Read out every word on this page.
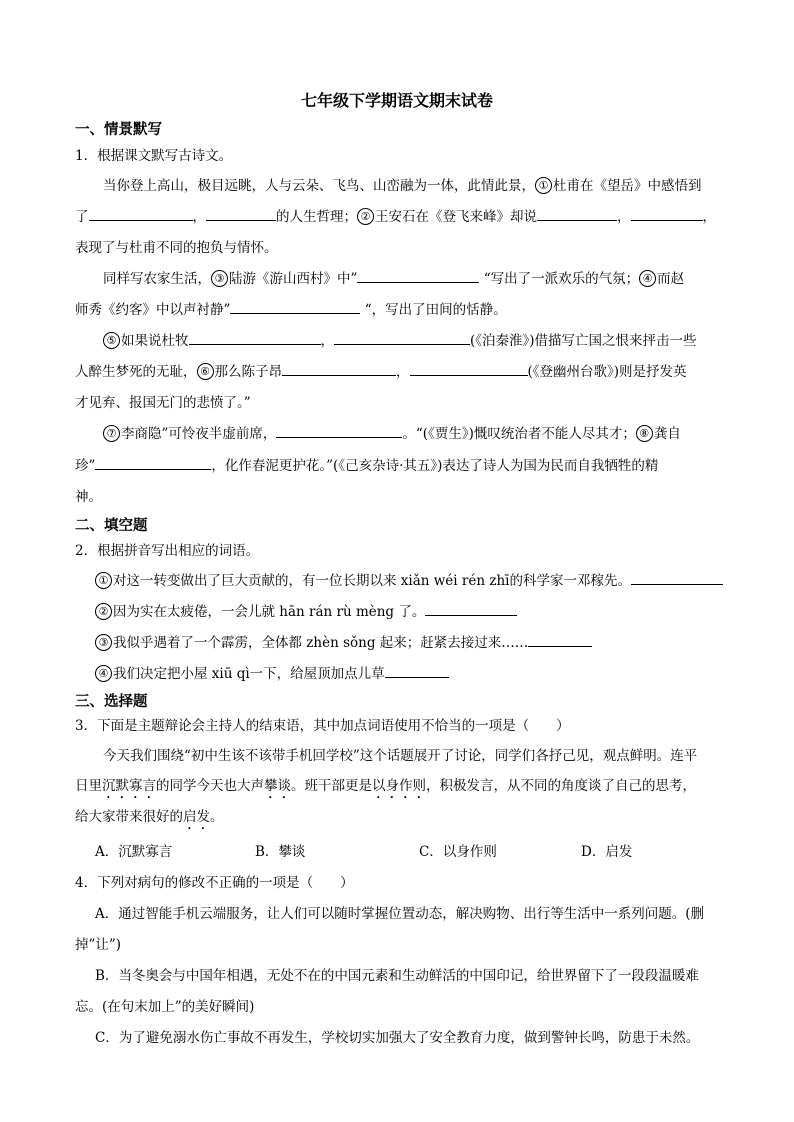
七年级下学期语文期末试卷
一、情景默写
1．根据课文默写古诗文。
当你登上高山，极目远眺，人与云朵、飞鸟、山峦融为一体，此情此景， ① 杜甫在《望岳》中感悟到
了	，	的人生哲理； ② 王安石在《登飞来峰》却说	，	，
表现了与杜甫不同的抱负与情怀。
同样写农家生活， ③ 陆游《游山西村》中”	“写出了一派欢乐的气氛； ④ 而赵
师秀《约客》中以声衬静”	“，写出了田间的恬静。
⑤ 如果说杜牧	，	(《泊秦淮》)借描写亡国之恨来抨击一些
人醉生梦死的无耻， ⑥ 那么陈子昂	，	(《登幽州台歌》)则是抒发英
才见弃、报国无门的悲愤了。”
⑦ 李商隐”可怜夜半虚前席，	。“(《贾生》)慨叹统治者不能人尽其才； ⑧ 龚自
珍”	，化作春泥更护花。”(《己亥杂诗·其五》)表达了诗人为国为民而自我牺牲的精
神。
二、填空题
2．根据拼音写出相应的词语。
① 对这一转变做出了巨大贡献的，有一位长期以来 xiǎn wéi rén zhī的科学家一邓稼先。
② 因为实在太疲倦，一会儿就 hān rán rù mèng 了。
③ 我似乎遇着了一个霹雳，全体都 zhèn sǒng 起来；赶紧去接过来……
④ 我们决定把小屋 xiū qì一下，给屋顶加点儿草
三、选择题
3．下面是主题辩论会主持人的结束语，其中加点词语使用不恰当的一项是（　　）
今天我们围绕“初中生该不该带手机回学校”这个话题展开了讨论，同学们各抒己见，观点鲜明。连平
日里沉默寡言的同学今天也大声攀谈。班干部更是以身作则，积极发言，从不同的角度谈了自己的思考，
给大家带来很好的启发。
A．沉默寡言	B．攀谈	C．以身作则	D．启发
4．下列对病句的修改不正确的一项是（　　）
A．通过智能手机云端服务，让人们可以随时掌握位置动态，解决购物、出行等生活中一系列问题。(删
掉”让”)
B．当冬奥会与中国年相遇，无处不在的中国元素和生动鲜活的中国印记，给世界留下了一段段温暖难
忘。(在句末加上”的美好瞬间)
C．为了避免溺水伤亡事故不再发生，学校切实加强大了安全教育力度，做到警钟长鸣，防患于未然。
